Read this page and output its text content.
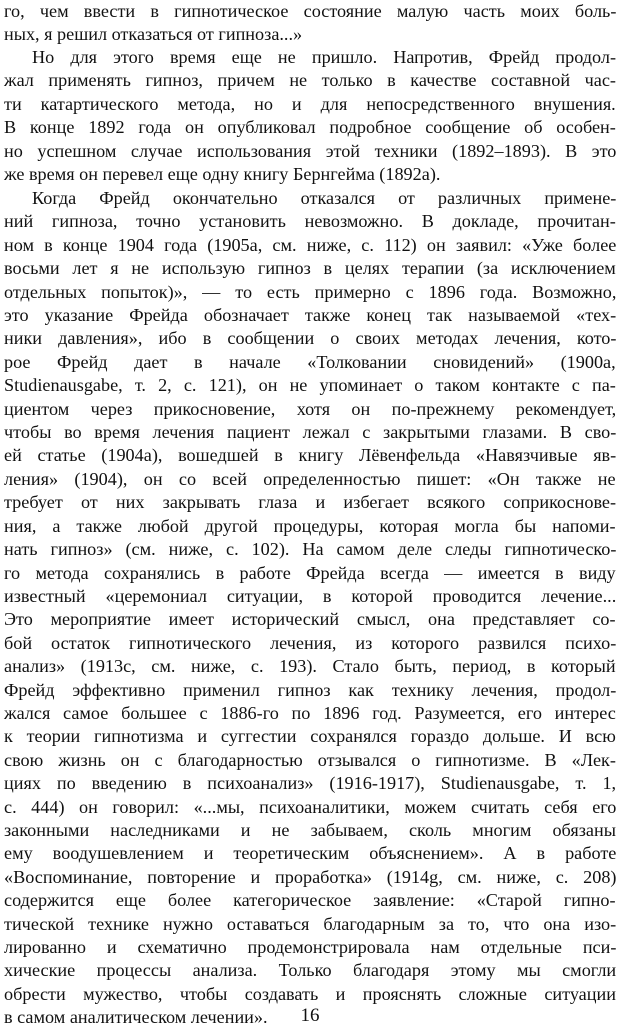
го, чем ввести в гипнотическое состояние малую часть моих боль-
ных, я решил отказаться от гипноза...»
Но для этого время еще не пришло. Напротив, Фрейд продол-
жал применять гипноз, причем не только в качестве составной час-
ти катартического метода, но и для непосредственного внушения.
В конце 1892 года он опубликовал подробное сообщение об особен-
но успешном случае использования этой техники (1892–1893). В это
же время он перевел еще одну книгу Бернгейма (1892a).
Когда Фрейд окончательно отказался от различных примене-
ний гипноза, точно установить невозможно. В докладе, прочитан-
ном в конце 1904 года (1905a, см. ниже, с. 112) он заявил: «Уже более
восьми лет я не использую гипноз в целях терапии (за исключением
отдельных попыток)», — то есть примерно с 1896 года. Возможно,
это указание Фрейда обозначает также конец так называемой «тех-
ники давления», ибо в сообщении о своих методах лечения, кото-
рое Фрейд дает в начале «Толковании сновидений» (1900a,
Studienausgabe, т. 2, с. 121), он не упоминает о таком контакте с па-
циентом через прикосновение, хотя он по-прежнему рекомендует,
чтобы во время лечения пациент лежал с закрытыми глазами. В сво-
ей статье (1904a), вошедшей в книгу Лёвенфельда «Навязчивые яв-
ления» (1904), он со всей определенностью пишет: «Он также не
требует от них закрывать глаза и избегает всякого соприкоснове-
ния, а также любой другой процедуры, которая могла бы напоми-
нать гипноз» (см. ниже, с. 102). На самом деле следы гипнотическо-
го метода сохранялись в работе Фрейда всегда — имеется в виду
известный «церемониал ситуации, в которой проводится лечение...
Это мероприятие имеет исторический смысл, она представляет со-
бой остаток гипнотического лечения, из которого развился психо-
анализ» (1913c, см. ниже, с. 193). Стало быть, период, в который
Фрейд эффективно применил гипноз как технику лечения, продол-
жался самое большее с 1886-го по 1896 год. Разумеется, его интерес
к теории гипнотизма и суггестии сохранялся гораздо дольше. И всю
свою жизнь он с благодарностью отзывался о гипнотизме. В «Лек-
циях по введению в психоанализ» (1916-1917), Studienausgabe, т. 1,
с. 444) он говорил: «...мы, психоаналитики, можем считать себя его
законными наследниками и не забываем, сколь многим обязаны
ему воодушевлением и теоретическим объяснением». А в работе
«Воспоминание, повторение и проработка» (1914g, см. ниже, с. 208)
содержится еще более категорическое заявление: «Старой гипно-
тической технике нужно оставаться благодарным за то, что она изо-
лированно и схематично продемонстрировала нам отдельные пси-
хические процессы анализа. Только благодаря этому мы смогли
обрести мужество, чтобы создавать и прояснять сложные ситуации
в самом аналитическом лечении».	16
